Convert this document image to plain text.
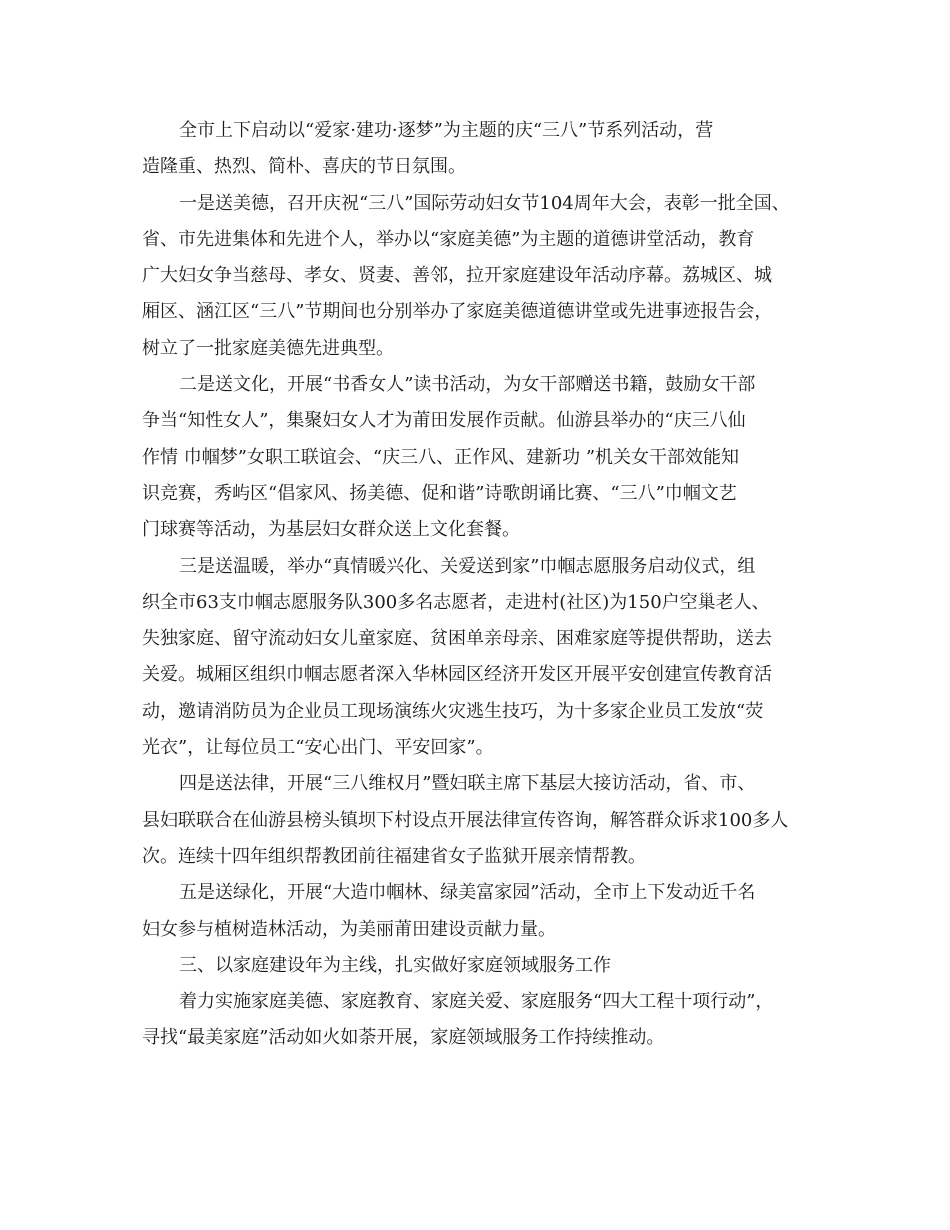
全市上下启动以“爱家·建功·逐梦”为主题的庆“三八”节系列活动，营
造隆重、热烈、简朴、喜庆的节日氛围。
一是送美德，召开庆祝“三八”国际劳动妇女节104周年大会，表彰一批全国、
省、市先进集体和先进个人，举办以“家庭美德”为主题的道德讲堂活动，教育
广大妇女争当慈母、孝女、贤妻、善邻，拉开家庭建设年活动序幕。荔城区、城
厢区、涵江区“三八”节期间也分别举办了家庭美德道德讲堂或先进事迹报告会，
树立了一批家庭美德先进典型。
二是送文化，开展“书香女人”读书活动，为女干部赠送书籍，鼓励女干部
争当“知性女人”，集聚妇女人才为莆田发展作贡献。仙游县举办的“庆三八仙
作情 巾帼梦”女职工联谊会、“庆三八、正作风、建新功 ”机关女干部效能知
识竞赛，秀屿区“倡家风、扬美德、促和谐”诗歌朗诵比赛、“三八”巾帼文艺
门球赛等活动，为基层妇女群众送上文化套餐。
三是送温暖，举办“真情暖兴化、关爱送到家”巾帼志愿服务启动仪式，组
织全市63支巾帼志愿服务队300多名志愿者，走进村(社区)为150户空巢老人、
失独家庭、留守流动妇女儿童家庭、贫困单亲母亲、困难家庭等提供帮助，送去
关爱。城厢区组织巾帼志愿者深入华林园区经济开发区开展平安创建宣传教育活
动，邀请消防员为企业员工现场演练火灾逃生技巧，为十多家企业员工发放“荧
光衣”，让每位员工“安心出门、平安回家”。
四是送法律，开展“三八维权月”暨妇联主席下基层大接访活动，省、市、
县妇联联合在仙游县榜头镇坝下村设点开展法律宣传咨询，解答群众诉求100多人
次。连续十四年组织帮教团前往福建省女子监狱开展亲情帮教。
五是送绿化，开展“大造巾帼林、绿美富家园”活动，全市上下发动近千名
妇女参与植树造林活动，为美丽莆田建设贡献力量。
三、以家庭建设年为主线，扎实做好家庭领域服务工作
着力实施家庭美德、家庭教育、家庭关爱、家庭服务“四大工程十项行动”，
寻找“最美家庭”活动如火如荼开展，家庭领域服务工作持续推动。
